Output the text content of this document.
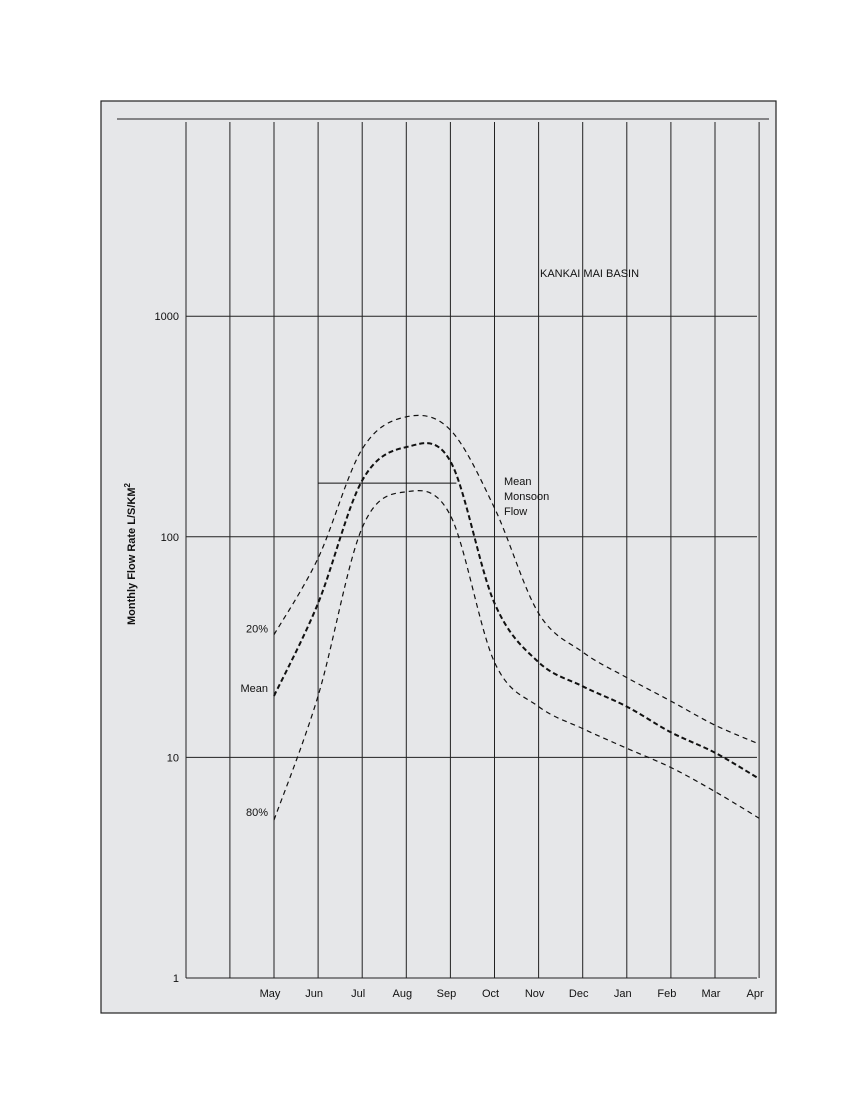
1
10
100
1000
May Jun	Jul Aug Sep Oct Nov Dec Jan Feb Mar Apr
20%
Mean
80%
Mean
Monsoon
Flow
KANKAI MAI BASIN
Monthly Flow Rate $L/S/KM^2$
